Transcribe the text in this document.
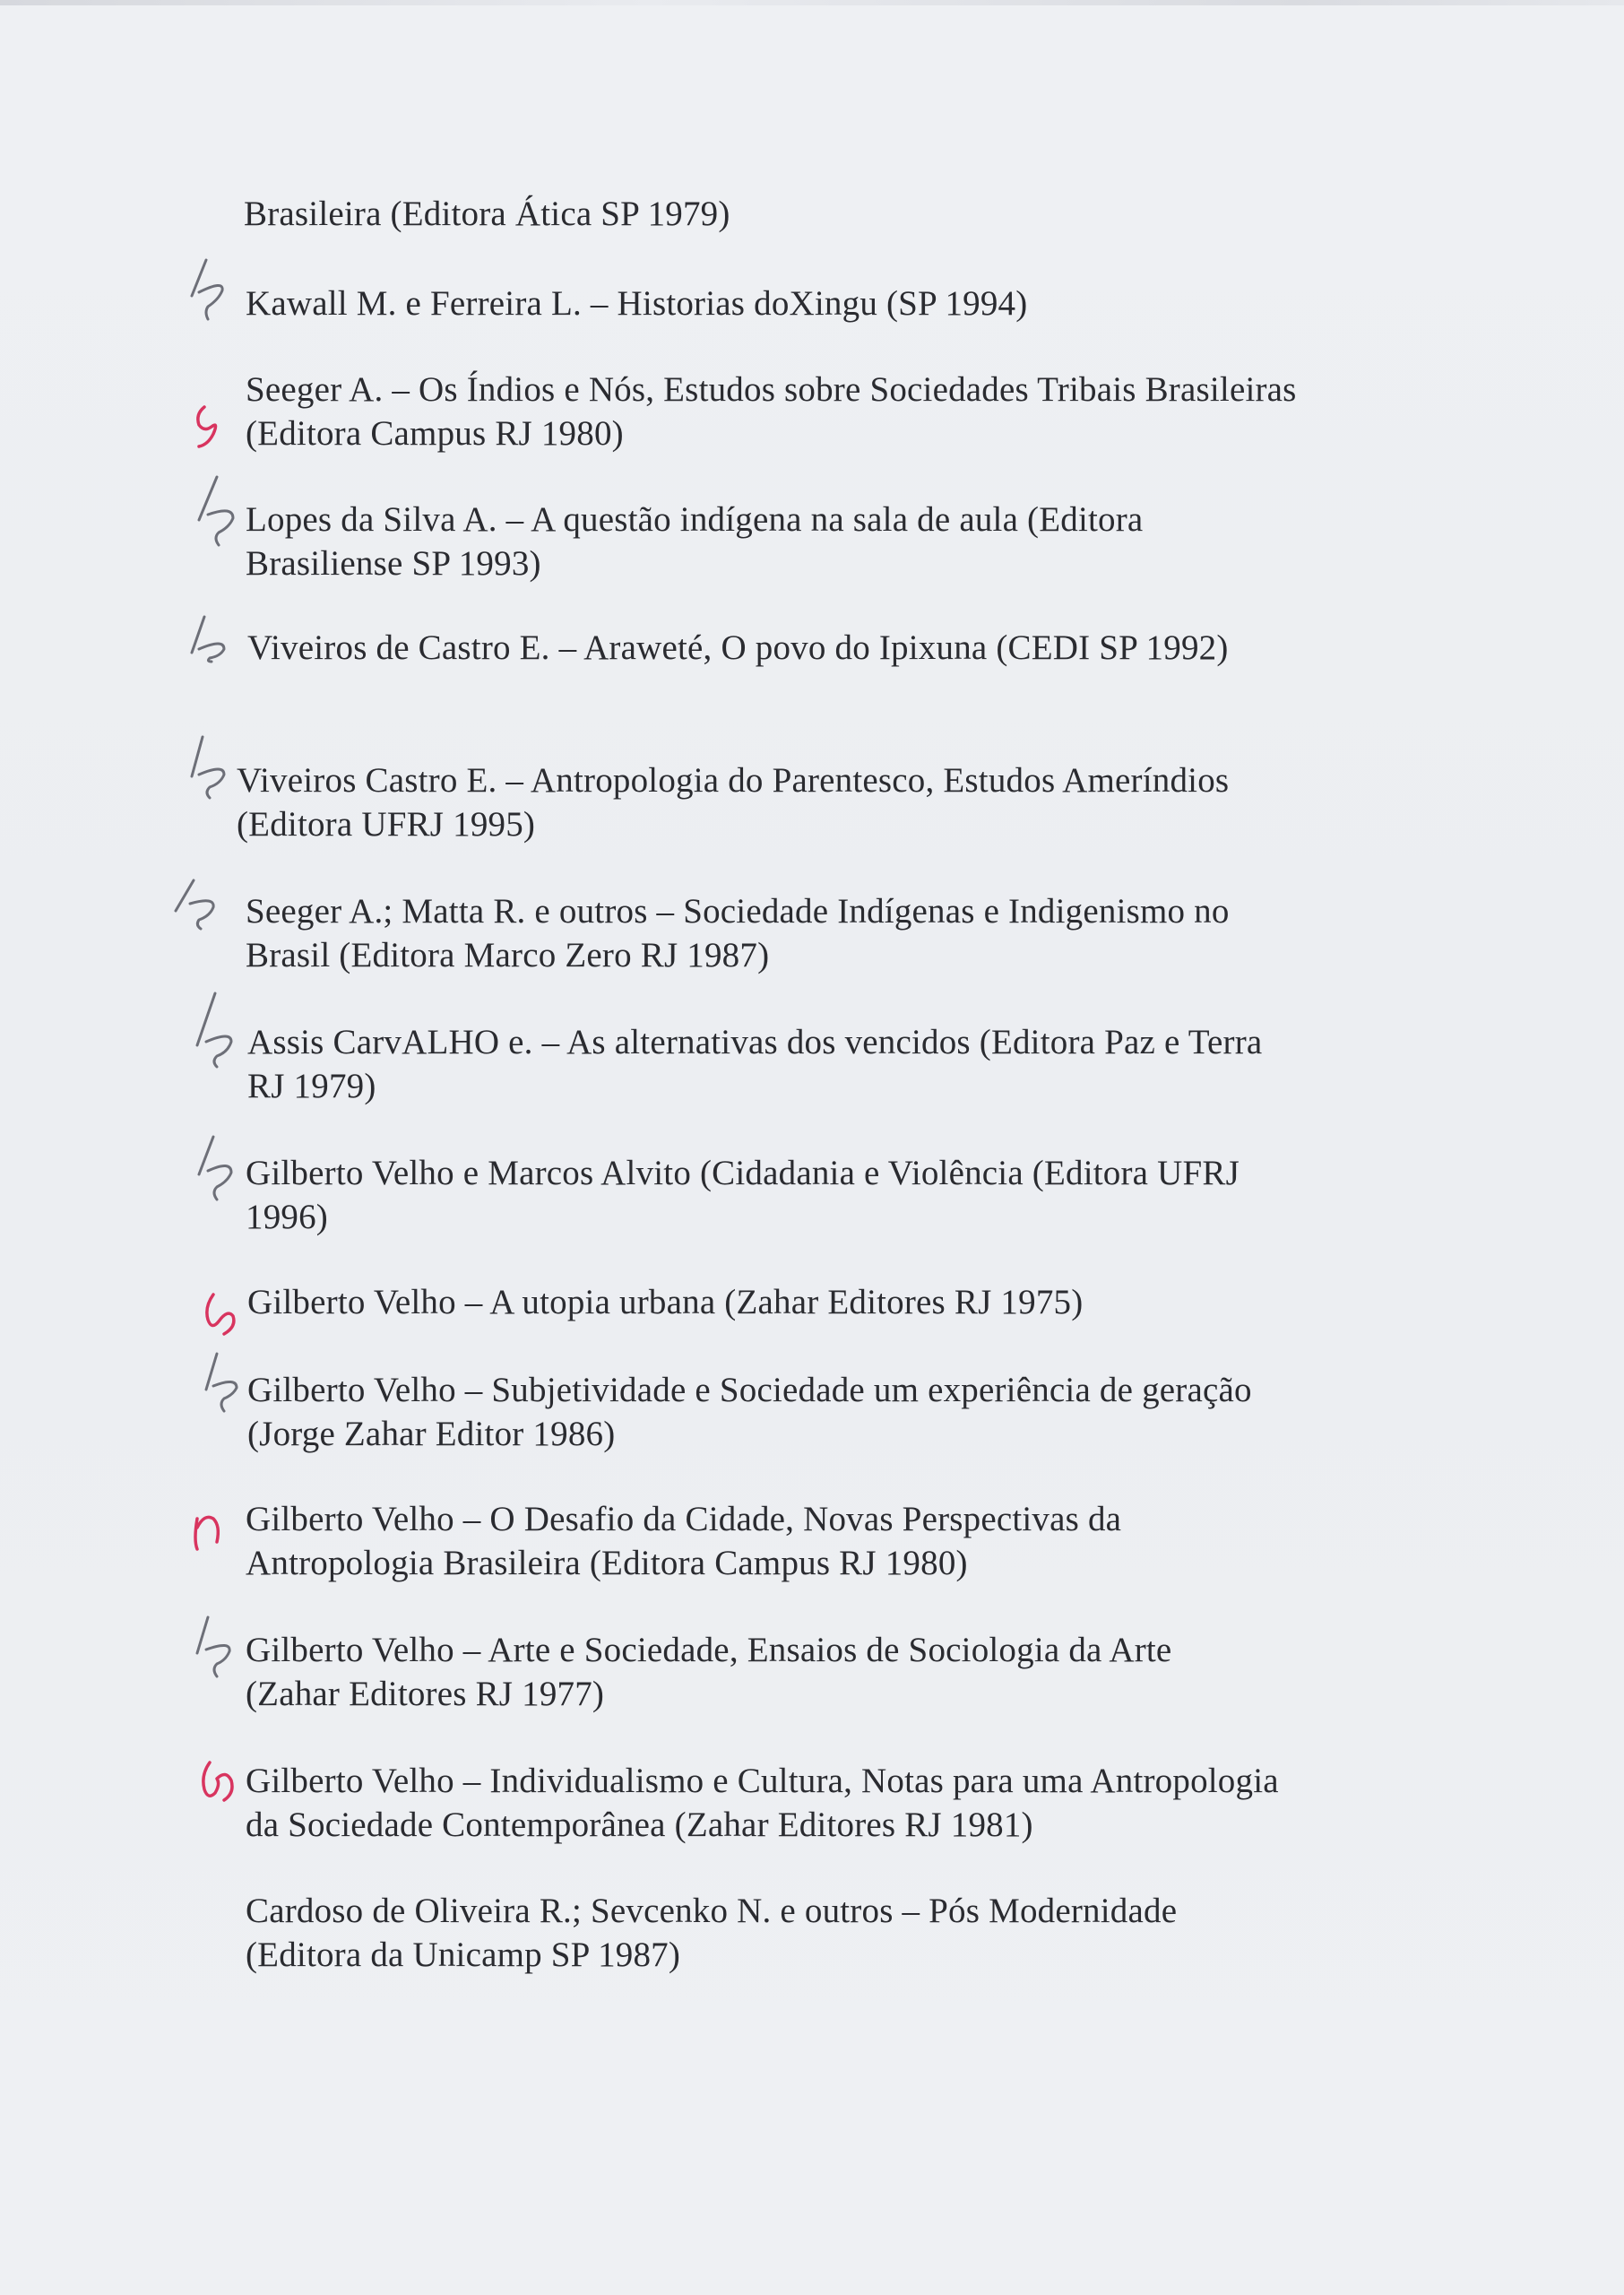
Brasileira (Editora Ática SP 1979)
Kawall M. e Ferreira L. – Historias doXingu (SP 1994)
Seeger A. – Os Índios e Nós, Estudos sobre Sociedades Tribais Brasileiras
(Editora Campus RJ 1980)
Lopes da Silva A. – A questão indígena na sala de aula (Editora
Brasiliense SP 1993)
Viveiros de Castro E. – Araweté, O povo do Ipixuna (CEDI SP 1992)
Viveiros Castro E. – Antropologia do Parentesco, Estudos Ameríndios
(Editora UFRJ 1995)
Seeger A.; Matta R. e outros – Sociedade Indígenas e Indigenismo no
Brasil (Editora Marco Zero RJ 1987)
Assis CarvALHO e. – As alternativas dos vencidos (Editora Paz e Terra
RJ 1979)
Gilberto Velho e Marcos Alvito (Cidadania e Violência (Editora UFRJ
1996)
Gilberto Velho – A utopia urbana (Zahar Editores RJ 1975)
Gilberto Velho – Subjetividade e Sociedade um experiência de geração
(Jorge Zahar Editor 1986)
Gilberto Velho – O Desafio da Cidade, Novas Perspectivas da
Antropologia Brasileira (Editora Campus RJ 1980)
Gilberto Velho – Arte e Sociedade, Ensaios de Sociologia da Arte
(Zahar Editores RJ 1977)
Gilberto Velho – Individualismo e Cultura, Notas para uma Antropologia
da Sociedade Contemporânea (Zahar Editores RJ 1981)
Cardoso de Oliveira R.; Sevcenko N. e outros – Pós Modernidade
(Editora da Unicamp SP 1987)
